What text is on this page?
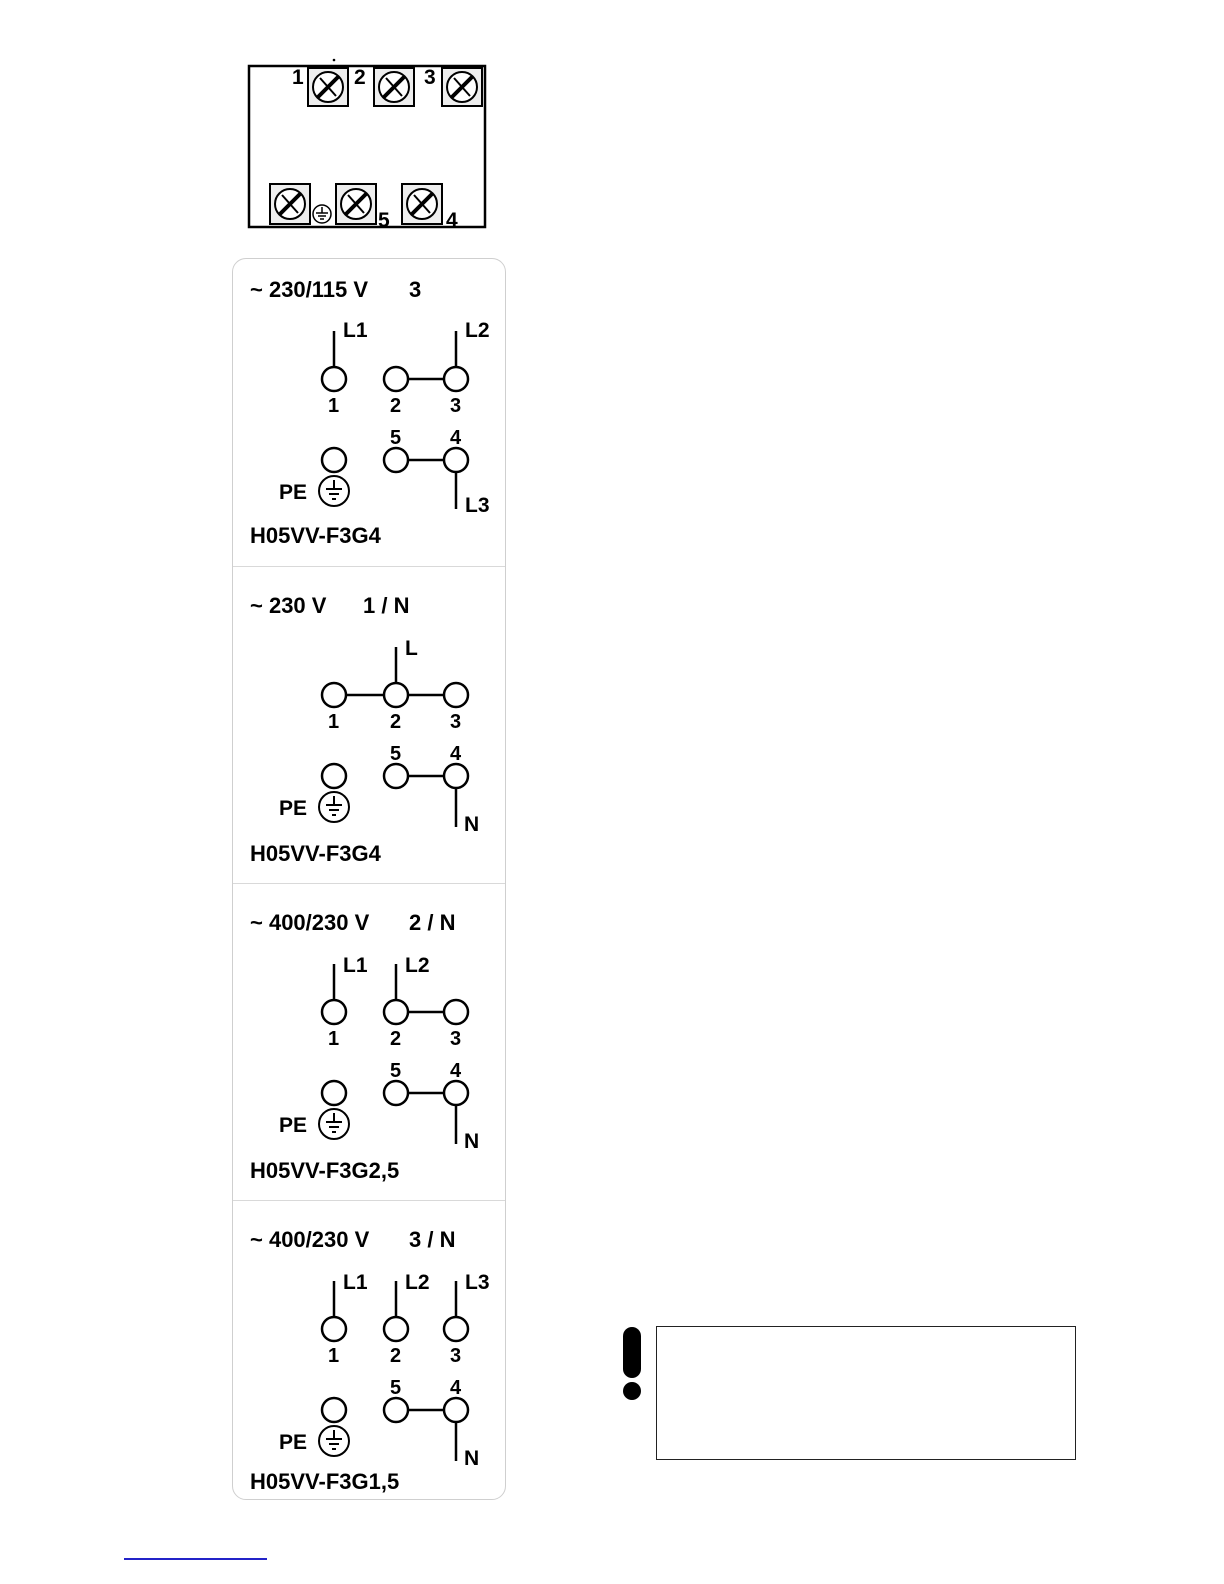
1 2	3
5	4
~ 230/115 V 3
L1	L2
L3
1	2 3
5 4
PE
H05VV-F3G4
~ 230 V 1 / N
L
N
1	2 3
5 4
PE
H05VV-F3G4
~ 400/230 V 2 / N
L1 L2
N
1	2 3
5 4
PE
H05VV-F3G2,5
~ 400/230 V 3 / N
L1 L2 L3
N
1	2 3
5 4
PE
H05VV-F3G1,5
